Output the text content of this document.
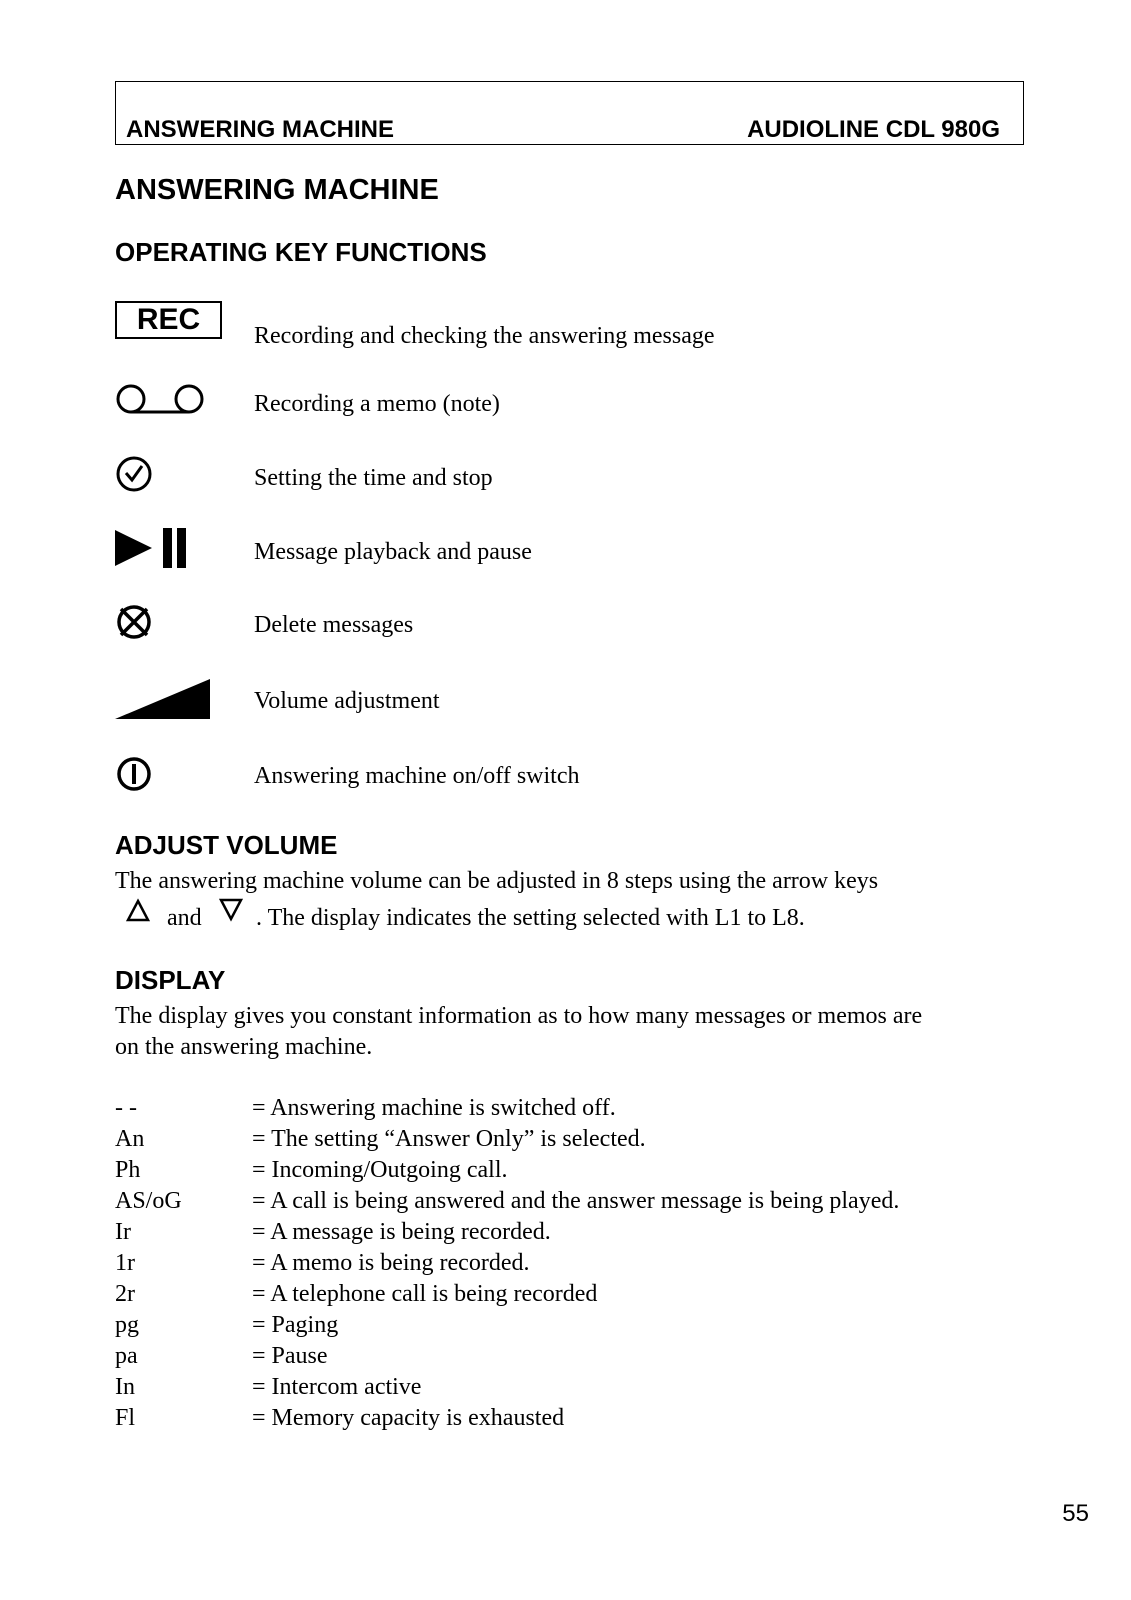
ANSWERING MACHINE	AUDIOLINE CDL 980G
ANSWERING MACHINE
OPERATING KEY FUNCTIONS
REC Recording and checking the answering message
Recording a memo (note)
Setting the time and stop
Message playback and pause
Delete messages
Volume adjustment
Answering machine on/off switch
ADJUST VOLUME
The answering machine volume can be adjusted in 8 steps using the arrow keys
and . The display indicates the setting selected with L1 to L8.
DISPLAY
The display gives you constant information as to how many messages or memos are
on the answering machine.
- -	= Answering machine is switched off.
An	= The setting “Answer Only” is selected.
Ph	= Incoming/Outgoing call.
AS/oG	= A call is being answered and the answer message is being played.
Ir	= A message is being recorded.
1r	= A memo is being recorded.
2r	= A telephone call is being recorded
pg	= Paging
pa	= Pause
In	= Intercom active
Fl	= Memory capacity is exhausted
55
